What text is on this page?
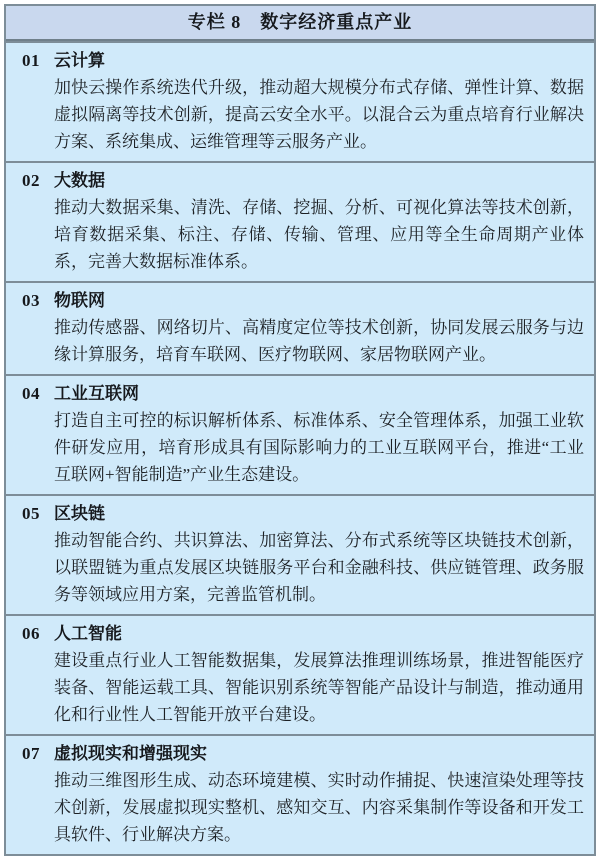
专栏 8　数字经济重点产业
01 云计算

加快云操作系统迭代升级，推动超大规模分布式存储、弹性计算、数据虚拟隔离等技术创新，提高云安全水平。以混合云为重点培育行业解决方案、系统集成、运维管理等云服务产业。

02 大数据

推动大数据采集、清洗、存储、挖掘、分析、可视化算法等技术创新，培育数据采集、标注、存储、传输、管理、应用等全生命周期产业体系，完善大数据标准体系。

03 物联网

推动传感器、网络切片、高精度定位等技术创新，协同发展云服务与边缘计算服务，培育车联网、医疗物联网、家居物联网产业。

04 工业互联网

打造自主可控的标识解析体系、标准体系、安全管理体系，加强工业软件研发应用，培育形成具有国际影响力的工业互联网平台，推进“工业互联网+智能制造”产业生态建设。

05 区块链

推动智能合约、共识算法、加密算法、分布式系统等区块链技术创新，以联盟链为重点发展区块链服务平台和金融科技、供应链管理、政务服务等领域应用方案，完善监管机制。

06 人工智能

建设重点行业人工智能数据集，发展算法推理训练场景，推进智能医疗装备、智能运载工具、智能识别系统等智能产品设计与制造，推动通用化和行业性人工智能开放平台建设。

07 虚拟现实和增强现实

推动三维图形生成、动态环境建模、实时动作捕捉、快速渲染处理等技术创新，发展虚拟现实整机、感知交互、内容采集制作等设备和开发工具软件、行业解决方案。
